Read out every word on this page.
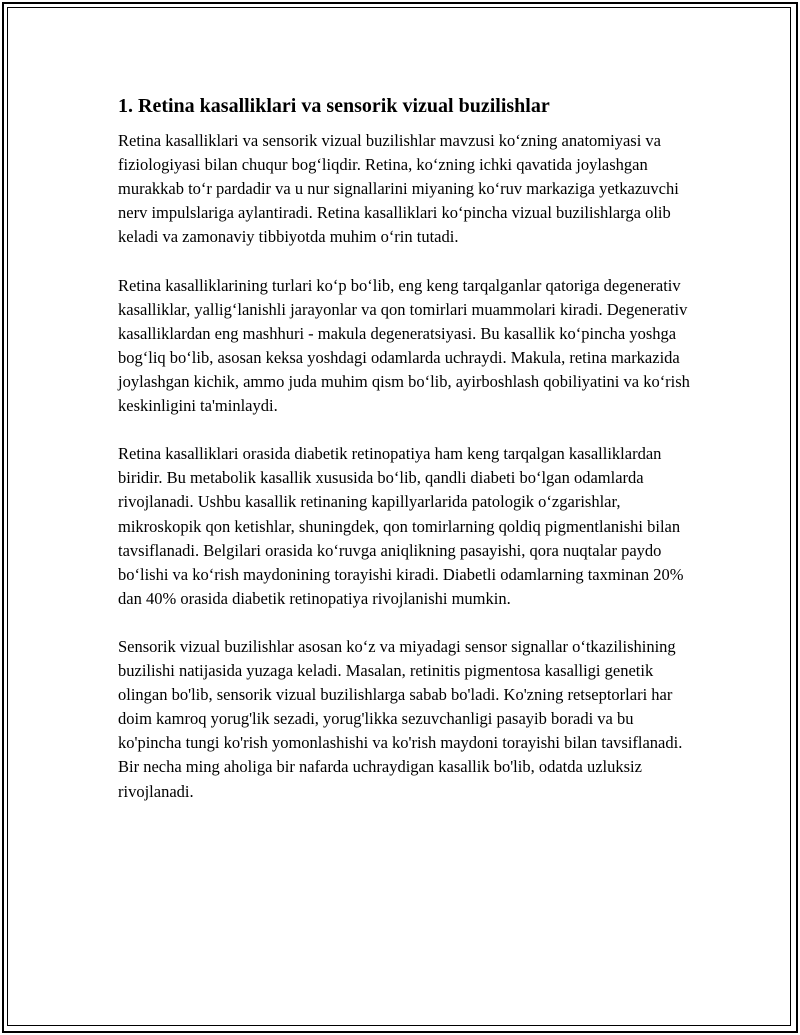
1. Retina kasalliklari va sensorik vizual buzilishlar

Retina kasalliklari va sensorik vizual buzilishlar mavzusi ko‘zning anatomiyasi va fiziologiyasi bilan chuqur bog‘liqdir. Retina, ko‘zning ichki qavatida joylashgan murakkab to‘r pardadir va u nur signallarini miyaning ko‘ruv markaziga yetkazuvchi nerv impulslariga aylantiradi. Retina kasalliklari ko‘pincha vizual buzilishlarga olib keladi va zamonaviy tibbiyotda muhim o‘rin tutadi.

Retina kasalliklarining turlari ko‘p bo‘lib, eng keng tarqalganlar qatoriga degenerativ kasalliklar, yallig‘lanishli jarayonlar va qon tomirlari muammolari kiradi. Degenerativ kasalliklardan eng mashhuri - makula degeneratsiyasi. Bu kasallik ko‘pincha yoshga bog‘liq bo‘lib, asosan keksa yoshdagi odamlarda uchraydi. Makula, retina markazida joylashgan kichik, ammo juda muhim qism bo‘lib, ayirboshlash qobiliyatini va ko‘rish keskinligini ta'minlaydi.

Retina kasalliklari orasida diabetik retinopatiya ham keng tarqalgan kasalliklardan biridir. Bu metabolik kasallik xususida bo‘lib, qandli diabeti bo‘lgan odamlarda rivojlanadi. Ushbu kasallik retinaning kapillyarlarida patologik o‘zgarishlar, mikroskopik qon ketishlar, shuningdek, qon tomirlarning qoldiq pigmentlanishi bilan tavsiflanadi. Belgilari orasida ko‘ruvga aniqlikning pasayishi, qora nuqtalar paydo bo‘lishi va ko‘rish maydonining torayishi kiradi. Diabetli odamlarning taxminan 20% dan 40% orasida diabetik retinopatiya rivojlanishi mumkin.

Sensorik vizual buzilishlar asosan ko‘z va miyadagi sensor signallar o‘tkazilishining buzilishi natijasida yuzaga keladi. Masalan, retinitis pigmentosa kasalligi genetik olingan bo'lib, sensorik vizual buzilishlarga sabab bo'ladi. Ko'zning retseptorlari har doim kamroq yorug'lik sezadi, yorug'likka sezuvchanligi pasayib boradi va bu ko'pincha tungi ko'rish yomonlashishi va ko'rish maydoni torayishi bilan tavsiflanadi. Bir necha ming aholiga bir nafarda uchraydigan kasallik bo'lib, odatda uzluksiz rivojlanadi.
